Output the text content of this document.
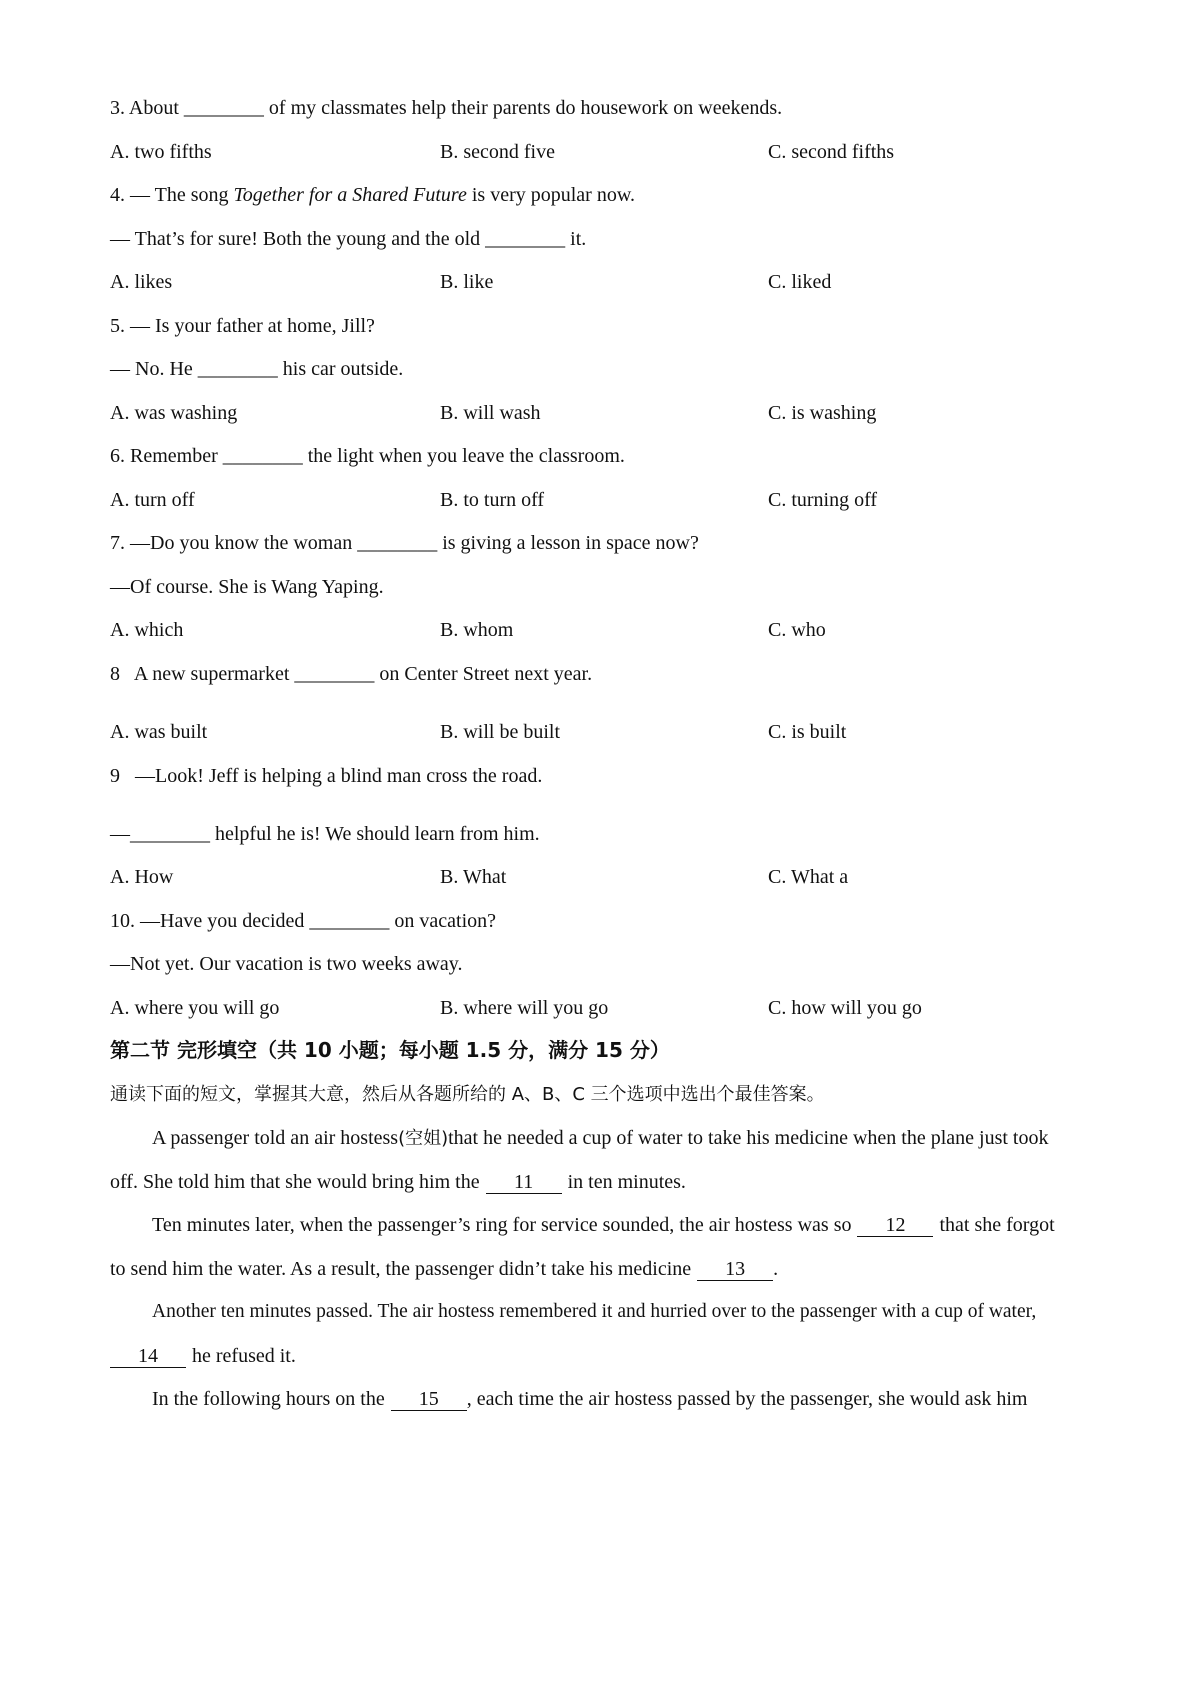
3. About ________ of my classmates help their parents do housework on weekends.
A. two fifths	B. second five	C. second fifths
4. — The song Together for a Shared Future is very popular now.
— That’s for sure! Both the young and the old ________ it.
A. likes	B. like	C. liked
5. — Is your father at home, Jill?
— No. He ________ his car outside.
A. was washing	B. will wash	C. is washing
6. Remember ________ the light when you leave the classroom.
A. turn off	B. to turn off	C. turning off
7. —Do you know the woman ________ is giving a lesson in space now?
—Of course. She is Wang Yaping.
A. which	B. whom	C. who
8   A new supermarket ________ on Center Street next year.
A. was built	B. will be built	C. is built
9   —Look! Jeff is helping a blind man cross the road.
—________ helpful he is! We should learn from him.
A. How	B. What	C. What a
10. —Have you decided ________ on vacation?
—Not yet. Our vacation is two weeks away.
A. where you will go	B. where will you go	C. how will you go
第二节 完形填空（共 10 小题；每小题 1.5 分，满分 15 分）
通读下面的短文，掌握其大意，然后从各题所给的 A、B、C 三个选项中选出个最佳答案。
A passenger told an air hostess(空姐)that he needed a cup of water to take his medicine when the plane just took
off. She told him that she would bring him the 11 in ten minutes.
Ten minutes later, when the passenger’s ring for service sounded, the air hostess was so 12 that she forgot
to send him the water. As a result, the passenger didn’t take his medicine 13 .
Another ten minutes passed. The air hostess remembered it and hurried over to the passenger with a cup of water,
14 he refused it.
In the following hours on the 15 , each time the air hostess passed by the passenger, she would ask him
